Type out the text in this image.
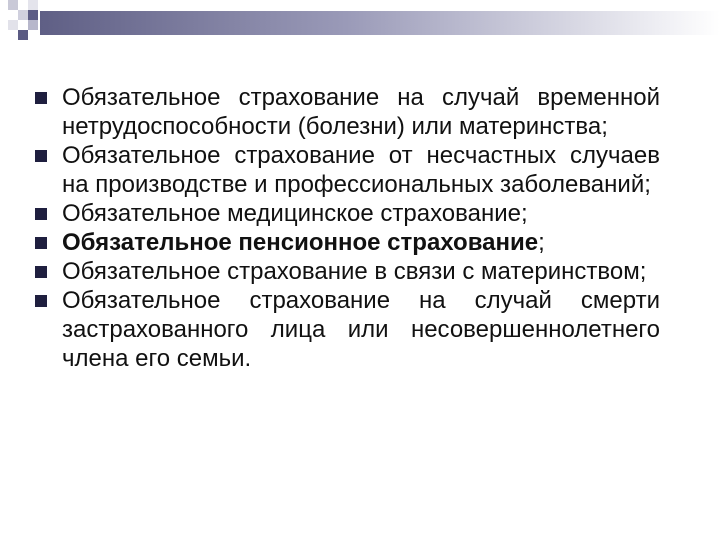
Обязательное страхование на случай временной нетрудоспособности (болезни) или материнства;
Обязательное страхование от несчастных случаев на производстве и профессиональных заболеваний;
Обязательное медицинское страхование;
Обязательное пенсионное страхование;
Обязательное страхование в связи с материнством;
Обязательное страхование на случай смерти застрахованного лица или несовершеннолетнего члена его семьи.
